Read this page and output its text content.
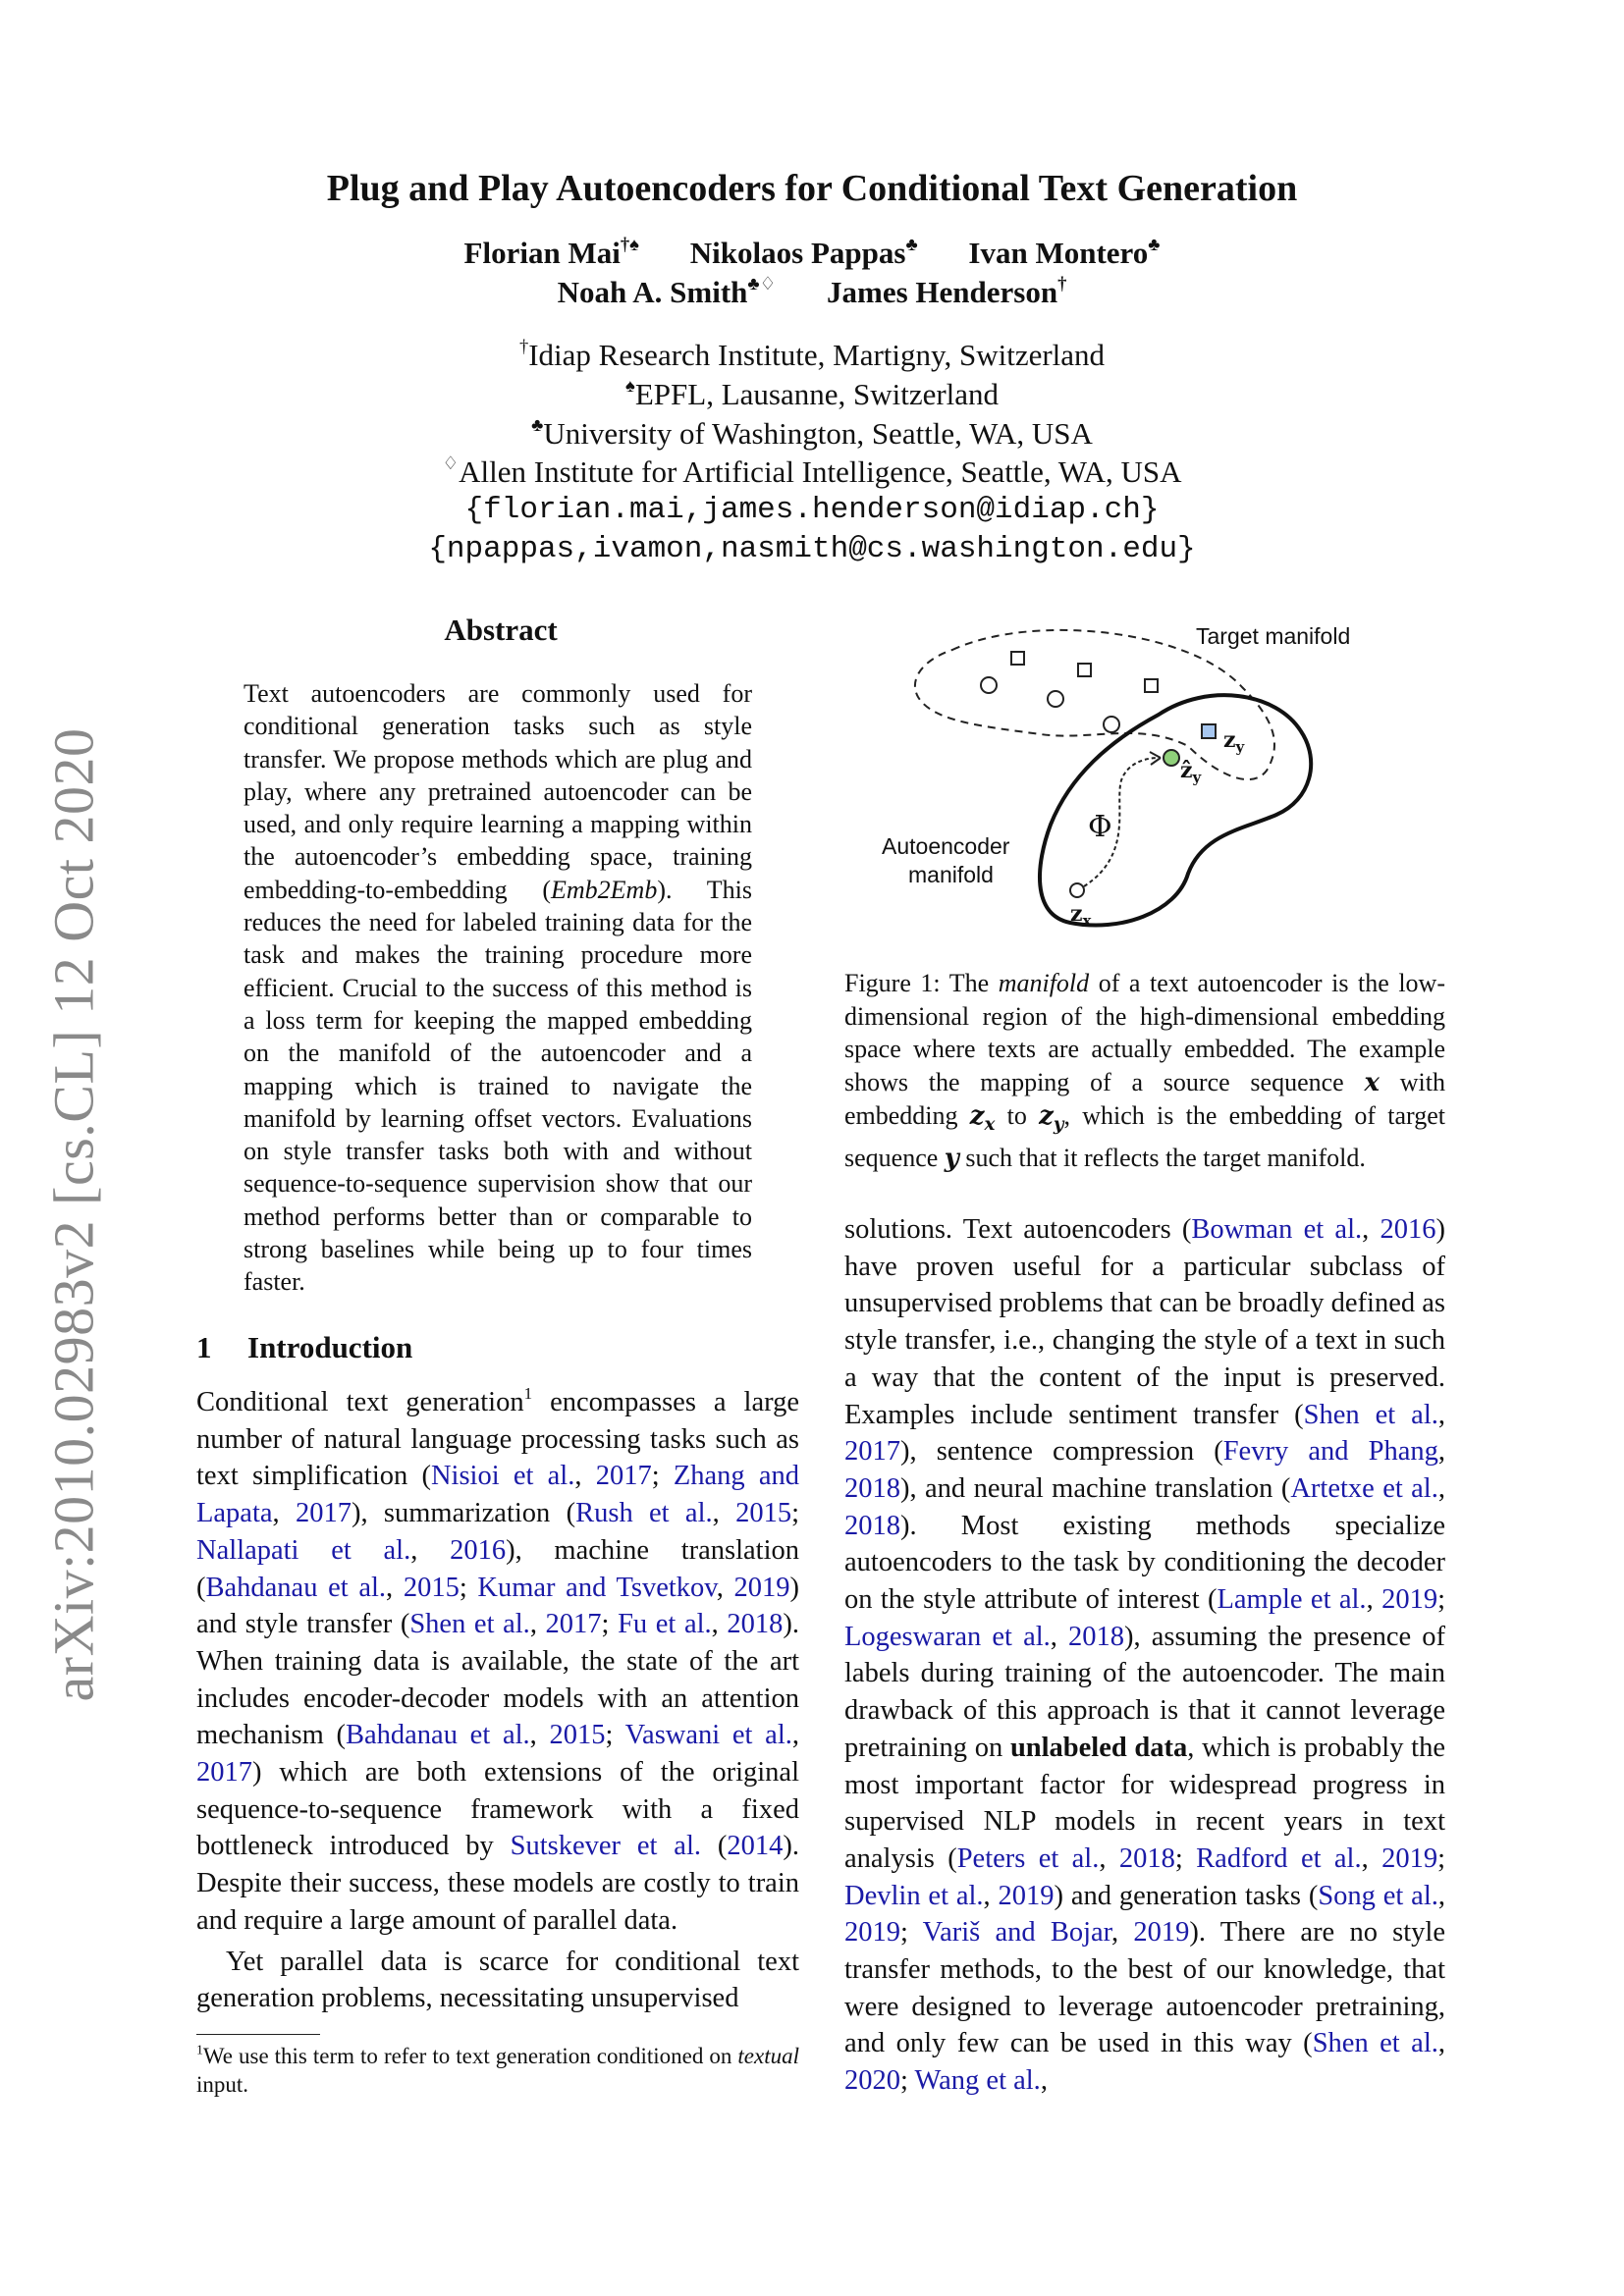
arXiv:2010.02983v2 [cs.CL] 12 Oct 2020
Plug and Play Autoencoders for Conditional Text Generation
Florian Mai†♠ Nikolaos Pappas♣ Ivan Montero♣
Noah A. Smith♣♢ James Henderson†
†Idiap Research Institute, Martigny, Switzerland
♠EPFL, Lausanne, Switzerland
♣University of Washington, Seattle, WA, USA
♢Allen Institute for Artificial Intelligence, Seattle, WA, USA
{florian.mai,james.henderson@idiap.ch}
{npappas,ivamon,nasmith@cs.washington.edu}
Abstract
Text autoencoders are commonly used for conditional generation tasks such as style transfer. We propose methods which are plug and play, where any pretrained autoencoder can be used, and only require learning a mapping within the autoencoder’s embedding space, training embedding-to-embedding (Emb2Emb). This reduces the need for labeled training data for the task and makes the training procedure more efficient. Crucial to the success of this method is a loss term for keeping the mapped embedding on the manifold of the autoencoder and a mapping which is trained to navigate the manifold by learning offset vectors. Evaluations on style transfer tasks both with and without sequence-to-sequence supervision show that our method performs better than or comparable to strong baselines while being up to four times faster.
1 Introduction

Conditional text generation$^1$ encompasses a large number of natural language processing tasks such as text simplification (Nisioi et al., 2017; Zhang and Lapata, 2017), summarization (Rush et al., 2015; Nallapati et al., 2016), machine translation (Bahdanau et al., 2015; Kumar and Tsvetkov, 2019) and style transfer (Shen et al., 2017; Fu et al., 2018). When training data is available, the state of the art includes encoder-decoder models with an attention mechanism (Bahdanau et al., 2015; Vaswani et al., 2017) which are both extensions of the original sequence-to-sequence framework with a fixed bottleneck introduced by Sutskever et al. (2014). Despite their success, these models are costly to train and require a large amount of parallel data.

Yet parallel data is scarce for conditional text generation problems, necessitating unsupervised

$^1$We use this term to refer to text generation conditioned on textual input.
Target manifold
Autoencoder
manifold
Φ
$z_y$
ẑ$_y$
$z_x$
Figure 1: The manifold of a text autoencoder is the low-dimensional region of the high-dimensional embedding space where texts are actually embedded. The example shows the mapping of a source sequence x with embedding $z_x$ to $z_y$, which is the embedding of target sequence y such that it reflects the target manifold.

solutions. Text autoencoders (Bowman et al., 2016) have proven useful for a particular subclass of unsupervised problems that can be broadly defined as style transfer, i.e., changing the style of a text in such a way that the content of the input is preserved. Examples include sentiment transfer (Shen et al., 2017), sentence compression (Fevry and Phang, 2018), and neural machine translation (Artetxe et al., 2018). Most existing methods specialize autoencoders to the task by conditioning the decoder on the style attribute of interest (Lample et al., 2019; Logeswaran et al., 2018), assuming the presence of labels during training of the autoencoder. The main drawback of this approach is that it cannot leverage pretraining on unlabeled data, which is probably the most important factor for widespread progress in supervised NLP models in recent years in text analysis (Peters et al., 2018; Radford et al., 2019; Devlin et al., 2019) and generation tasks (Song et al., 2019; Variš and Bojar, 2019). There are no style transfer methods, to the best of our knowledge, that were designed to leverage autoencoder pretraining, and only few can be used in this way (Shen et al., 2020; Wang et al.,
